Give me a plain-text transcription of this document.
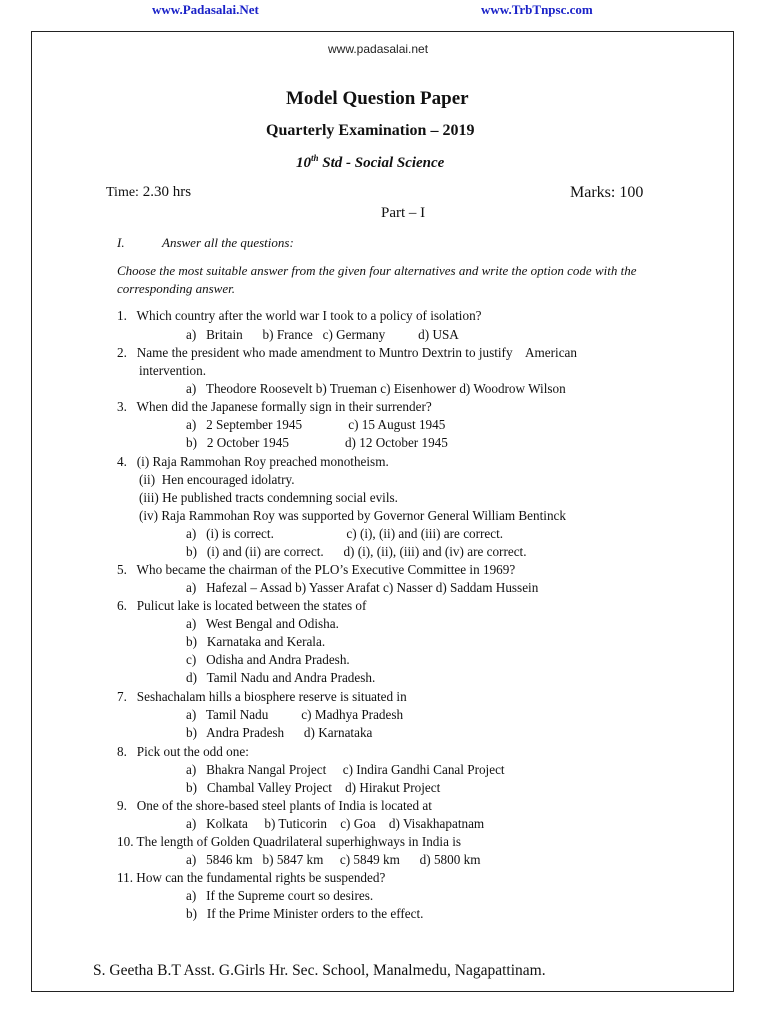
www.Padasalai.Net	www.TrbTnpsc.com
www.padasalai.net
Model Question Paper
Quarterly Examination – 2019
10th Std - Social Science
Time: 2.30 hrs	Marks: 100
Part – I
I.	Answer all the questions:
Choose the most suitable answer from the given four alternatives and write the option code with the corresponding answer.
1.   Which country after the world war I took to a policy of isolation?
a)   Britain      b) France   c) Germany          d) USA
2.   Name the president who made amendment to Muntro Dextrin to justify    American
intervention.
a)   Theodore Roosevelt b) Trueman c) Eisenhower d) Woodrow Wilson
3.   When did the Japanese formally sign in their surrender?
a)   2 September 1945              c) 15 August 1945
b)   2 October 1945                 d) 12 October 1945
4.   (i) Raja Rammohan Roy preached monotheism.
(ii)  Hen encouraged idolatry.
(iii) He published tracts condemning social evils.
(iv) Raja Rammohan Roy was supported by Governor General William Bentinck
a)   (i) is correct.                      c) (i), (ii) and (iii) are correct.
b)   (i) and (ii) are correct.      d) (i), (ii), (iii) and (iv) are correct.
5.   Who became the chairman of the PLO’s Executive Committee in 1969?
a)   Hafezal – Assad b) Yasser Arafat c) Nasser d) Saddam Hussein
6.   Pulicut lake is located between the states of
a)   West Bengal and Odisha.
b)   Karnataka and Kerala.
c)   Odisha and Andra Pradesh.
d)   Tamil Nadu and Andra Pradesh.
7.   Seshachalam hills a biosphere reserve is situated in
a)   Tamil Nadu          c) Madhya Pradesh
b)   Andra Pradesh      d) Karnataka
8.   Pick out the odd one:
a)   Bhakra Nangal Project     c) Indira Gandhi Canal Project
b)   Chambal Valley Project    d) Hirakut Project
9.   One of the shore-based steel plants of India is located at
a)   Kolkata     b) Tuticorin    c) Goa    d) Visakhapatnam
10. The length of Golden Quadrilateral superhighways in India is
a)   5846 km   b) 5847 km     c) 5849 km      d) 5800 km
11. How can the fundamental rights be suspended?
a)   If the Supreme court so desires.
b)   If the Prime Minister orders to the effect.
S. Geetha B.T Asst. G.Girls Hr. Sec. School, Manalmedu, Nagapattinam.
